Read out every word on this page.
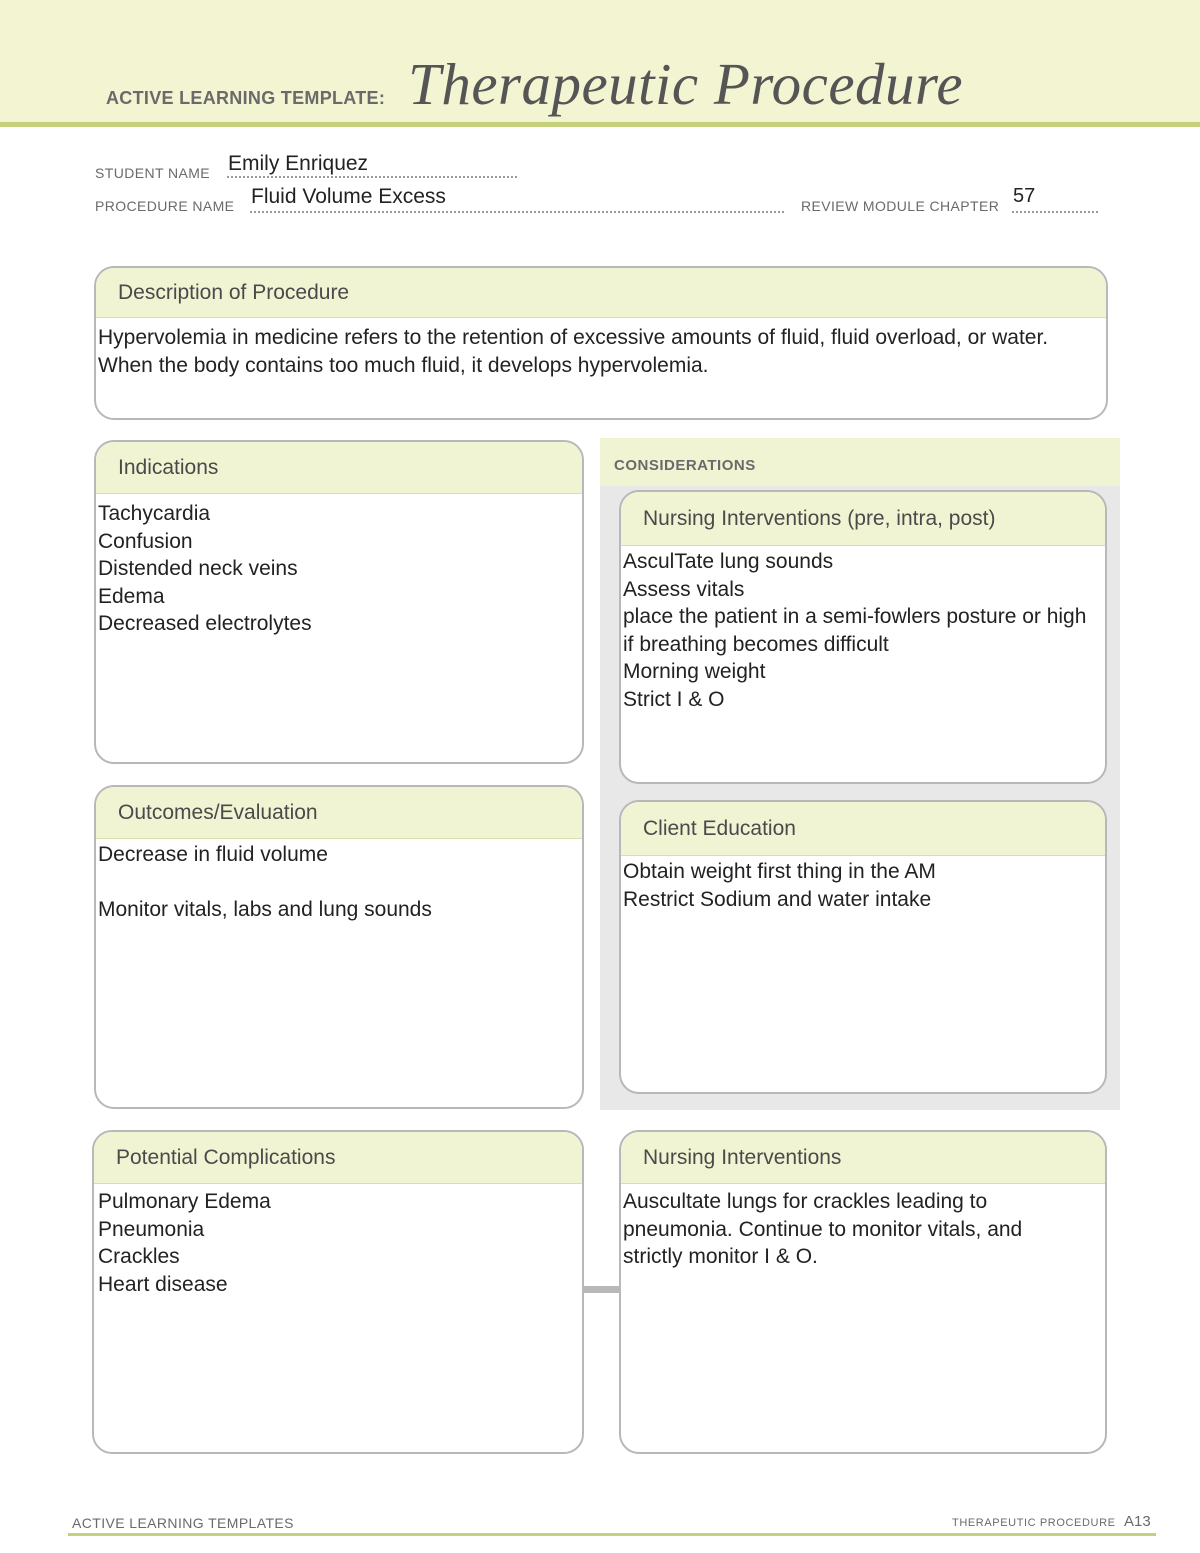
ACTIVE LEARNING TEMPLATE: Therapeutic Procedure
STUDENT NAME Emily Enriquez
PROCEDURE NAME Fluid Volume Excess	REVIEW MODULE CHAPTER 57
Description of Procedure
Hypervolemia in medicine refers to the retention of excessive amounts of fluid, fluid overload, or water. When the body contains too much fluid, it develops hypervolemia.
Indications
Tachycardia
Confusion
Distended neck veins
Edema
Decreased electrolytes
Outcomes/Evaluation
Decrease in fluid volume
Monitor vitals, labs and lung sounds
CONSIDERATIONS
Nursing Interventions (pre, intra, post)
AsculTate lung sounds
Assess vitals
place the patient in a semi-fowlers posture or high if breathing becomes difficult
Morning weight
Strict I & O
Client Education
Obtain weight first thing in the AM
Restrict Sodium and water intake
Potential Complications
Pulmonary Edema
Pneumonia
Crackles
Heart disease
Nursing Interventions
Auscultate lungs for crackles leading to pneumonia. Continue to monitor vitals, and strictly monitor I & O.
ACTIVE LEARNING TEMPLATES	THERAPEUTIC PROCEDURE A13
